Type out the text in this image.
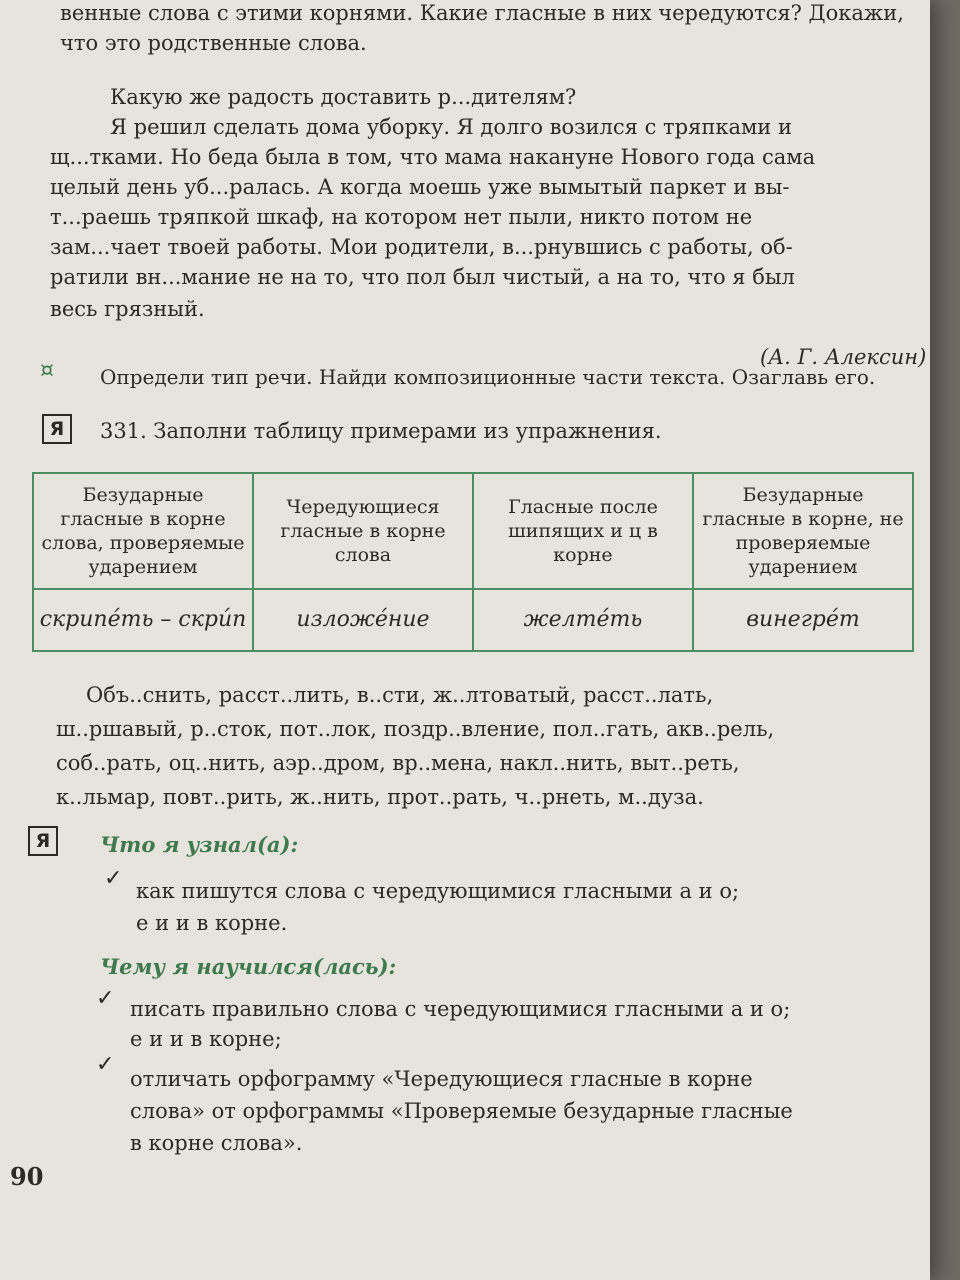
венные слова с этими корнями. Какие гласные в них чередуются? Докажи,
что это родственные слова.
Какую же радость доставить р...дителям?
Я решил сделать дома уборку. Я долго возился с тряпками и
щ...тками. Но беда была в том, что мама накануне Нового года сама
целый день уб...ралась. А когда моешь уже вымытый паркет и вы-
т...раешь тряпкой шкаф, на котором нет пыли, никто потом не
зам...чает твоей работы. Мои родители, в...рнувшись с работы, об-
ратили вн...мание не на то, что пол был чистый, а на то, что я был
весь грязный.
(А. Г. Алексин)
¤ Определи тип речи. Найди композиционные части текста. Озаглавь его.
Я	331. Заполни таблицу примерами из упражнения.
Безударные гласные в корне слова, проверяемые ударением	Чередующиеся гласные в корне слова	Гласные после шипящих и ц в корне	Безударные гласные в корне, не проверяемые ударением
скрипе́ть – скри́п	изложе́ние	желте́ть	винегре́т
Объ..снить, расст..лить, в..сти, ж..лтоватый, расст..лать,
ш..ршавый, р..сток, пот..лок, поздр..вление, пол..гать, акв..рель,
соб..рать, оц..нить, аэр..дром, вр..мена, накл..нить, выт..реть,
к..льмар, повт..рить, ж..нить, прот..рать, ч..рнеть, м..дуза.
Я	Что я узнал(а):
✓ как пишутся слова с чередующимися гласными а и о;
е и и в корне.
Чему я научился(лась):
✓ писать правильно слова с чередующимися гласными а и о;
е и и в корне;
✓
отличать орфограмму «Чередующиеся гласные в корне
слова» от орфограммы «Проверяемые безударные гласные
в корне слова».
90
